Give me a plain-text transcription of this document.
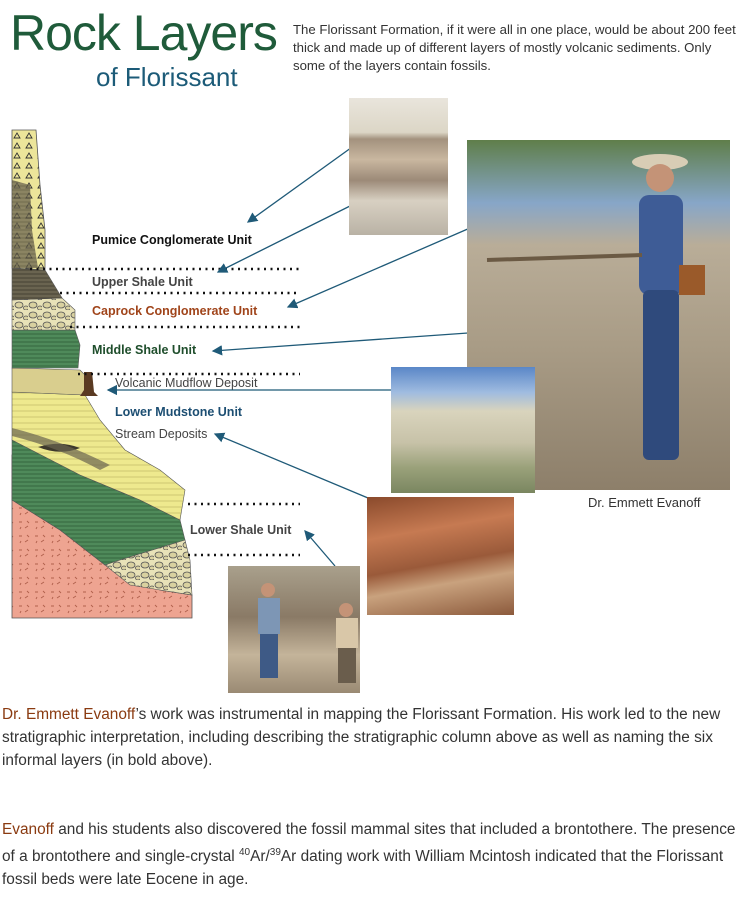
Rock Layers
of Florissant
The Florissant Formation, if it were all in one place, would be about 200 feet thick and made up of different layers of mostly volcanic sediments. Only some of the layers contain fossils.
Pumice Conglomerate Unit
Upper Shale Unit
Caprock Conglomerate Unit
Middle Shale Unit
Volcanic Mudflow Deposit
Lower Mudstone Unit
Stream Deposits
Lower Shale Unit
Dr. Emmett Evanoff
Dr. Emmett Evanoff’s work was instrumental in mapping the Florissant Formation. His work led to the new stratigraphic interpretation, including describing the stratigraphic column above as well as naming the six informal layers (in bold above).
Evanoff and his students also discovered the fossil mammal sites that included a brontothere. The presence of a brontothere and single-crystal $^{40}$Ar/$^{39}$Ar dating work with William Mcintosh indicated that the Florissant fossil beds were late Eocene in age.
